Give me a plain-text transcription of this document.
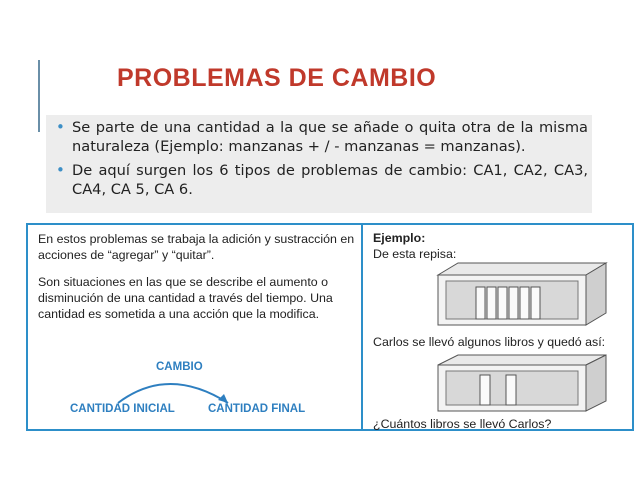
PROBLEMAS DE CAMBIO
• Se parte de una cantidad a la que se añade o quita otra de la misma naturaleza (Ejemplo: manzanas + / - manzanas = manzanas).
• De aquí surgen los 6 tipos de problemas de cambio: CA1, CA2, CA3, CA4, CA 5, CA 6.

En estos problemas se trabaja la adición y sustracción en acciones de “agregar” y “quitar”.

Son situaciones en las que se describe el aumento o disminución de una cantidad a través del tiempo. Una cantidad es sometida a una acción que la modifica.

CAMBIO
CANTIDAD INICIAL	CANTIDAD FINAL
Ejemplo:
De esta repisa:
Carlos se llevó algunos libros y quedó así:
¿Cuántos libros se llevó Carlos?
